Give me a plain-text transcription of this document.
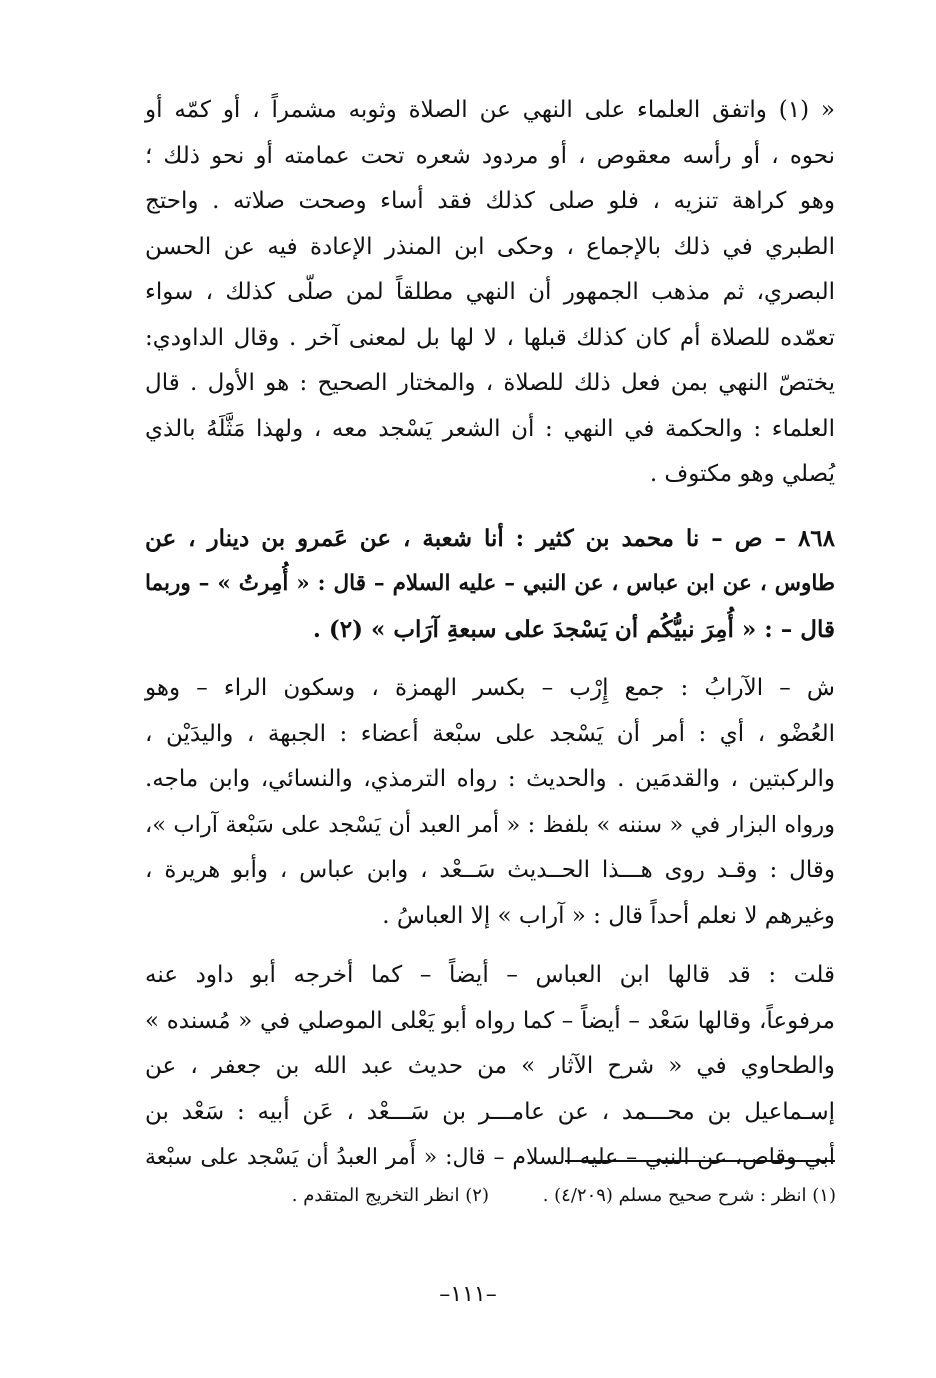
« (١) واتفق العلماء على النهي عن الصلاة وثوبه مشمراً ، أو كمّه أو
نحوه ، أو رأسه معقوص ، أو مردود شعره تحت عمامته أو نحو ذلك ؛
وهو كراهة تنزيه ، فلو صلى كذلك فقد أساء وصحت صلاته . واحتج
الطبري في ذلك بالإجماع ، وحكى ابن المنذر الإعادة فيه عن الحسن
البصري، ثم مذهب الجمهور أن النهي مطلقاً لمن صلّى كذلك ، سواء
تعمّده للصلاة أم كان كذلك قبلها ، لا لها بل لمعنى آخر . وقال الداودي:
يختصّ النهي بمن فعل ذلك للصلاة ، والمختار الصحيح : هو الأول . قال
العلماء : والحكمة في النهي : أن الشعر يَسْجد معه ، ولهذا مَثَّلَهُ بالذي
يُصلي وهو مكتوف .

٨٦٨ – ص – نا محمد بن كثير : أنا شعبة ، عن عَمرو بن دينار ، عن
طاوس ، عن ابن عباس ، عن النبي – عليه السلام – قال : « أُمِرتُ » – وربما
قال – : « أُمِرَ نبيُّكُم أن يَسْجدَ على سبعةِ آرَاب » (٢) .

ش – الآرابُ : جمع إِرْب – بكسر الهمزة ، وسكون الراء – وهو
العُضْو ، أي : أمر أن يَسْجد على سبْعة أعضاء : الجبهة ، واليدَيْن ،
والركبتين ، والقدمَين . والحديث : رواه الترمذي، والنسائي، وابن ماجه.
ورواه البزار في « سننه » بلفظ : « أمر العبد أن يَسْجد على سَبْعة آراب »،
وقال : وقـد روى هـــذا الحــديث سَــعْد ، وابن عباس ، وأبو هريرة ،
وغيرهم لا نعلم أحداً قال : « آراب » إلا العباسُ .

قلت : قد قالها ابن العباس – أيضاً – كما أخرجه أبو داود عنه
مرفوعاً، وقالها سَعْد – أيضاً – كما رواه أبو يَعْلى الموصلي في « مُسنده »
والطحاوي في « شرح الآثار » من حديث عبد الله بن جعفر ، عن
إسـماعيل بن محـــمد ، عن عامـــر بن سَـــعْد ، عَن أبيه : سَعْد بن
أبي وقاص، عن النبي – عليه السلام – قال: « أَمر العبدُ أن يَسْجد على سبْعة

(١) انظر : شرح صحيح مسلم (٤/٢٠٩) . (٢) انظر التخريج المتقدم .
–١١١–
